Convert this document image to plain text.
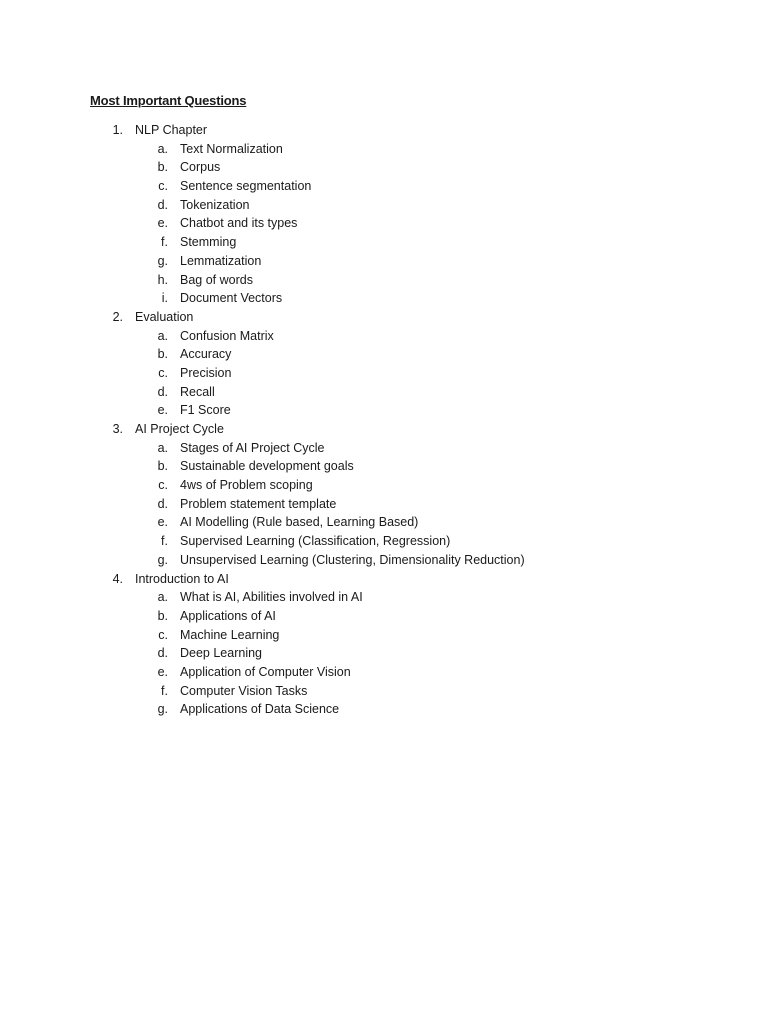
Most Important Questions
1. NLP Chapter
a. Text Normalization
b. Corpus
c. Sentence segmentation
d. Tokenization
e. Chatbot and its types
f. Stemming
g. Lemmatization
h. Bag of words
i. Document Vectors
2. Evaluation
a. Confusion Matrix
b. Accuracy
c. Precision
d. Recall
e. F1 Score
3. AI Project Cycle
a. Stages of AI Project Cycle
b. Sustainable development goals
c. 4ws of Problem scoping
d. Problem statement template
e. AI Modelling (Rule based, Learning Based)
f. Supervised Learning (Classification, Regression)
g. Unsupervised Learning (Clustering, Dimensionality Reduction)
4. Introduction to AI
a. What is AI, Abilities involved in AI
b. Applications of AI
c. Machine Learning
d. Deep Learning
e. Application of Computer Vision
f. Computer Vision Tasks
g. Applications of Data Science
